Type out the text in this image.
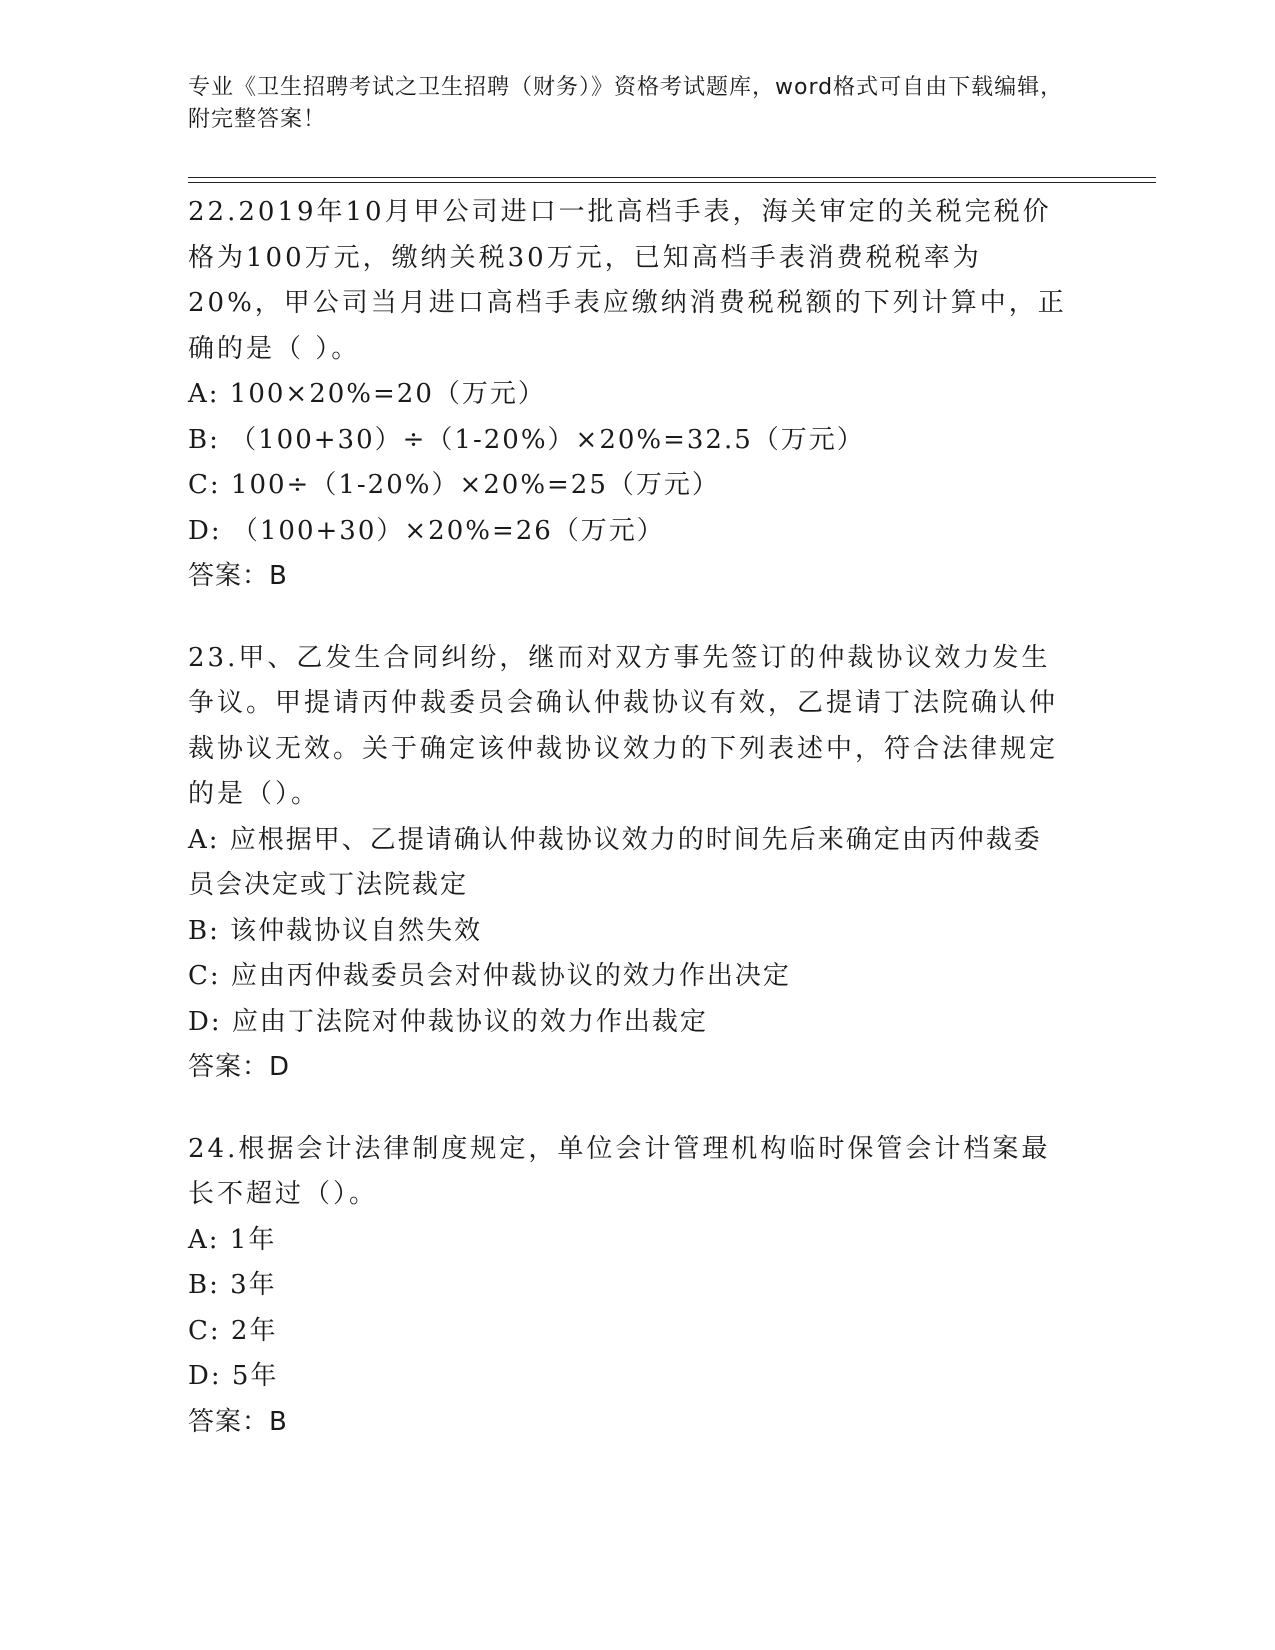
专业《卫生招聘考试之卫生招聘（财务）》资格考试题库，word格式可自由下载编辑，附完整答案！
22.2019年10月甲公司进口一批高档手表，海关审定的关税完税价格为100万元，缴纳关税30万元，已知高档手表消费税税率为20%，甲公司当月进口高档手表应缴纳消费税税额的下列计算中，正确的是（ ）。
A: 100×20%=20（万元）
B: （100+30）÷（1-20%）×20%=32.5（万元）
C: 100÷（1-20%）×20%=25（万元）
D: （100+30）×20%=26（万元）
答案：B
23.甲、乙发生合同纠纷，继而对双方事先签订的仲裁协议效力发生争议。甲提请丙仲裁委员会确认仲裁协议有效，乙提请丁法院确认仲裁协议无效。关于确定该仲裁协议效力的下列表述中，符合法律规定的是（）。
A: 应根据甲、乙提请确认仲裁协议效力的时间先后来确定由丙仲裁委员会决定或丁法院裁定
B: 该仲裁协议自然失效
C: 应由丙仲裁委员会对仲裁协议的效力作出决定
D: 应由丁法院对仲裁协议的效力作出裁定
答案：D
24.根据会计法律制度规定，单位会计管理机构临时保管会计档案最长不超过（）。
A: 1年
B: 3年
C: 2年
D: 5年
答案：B
